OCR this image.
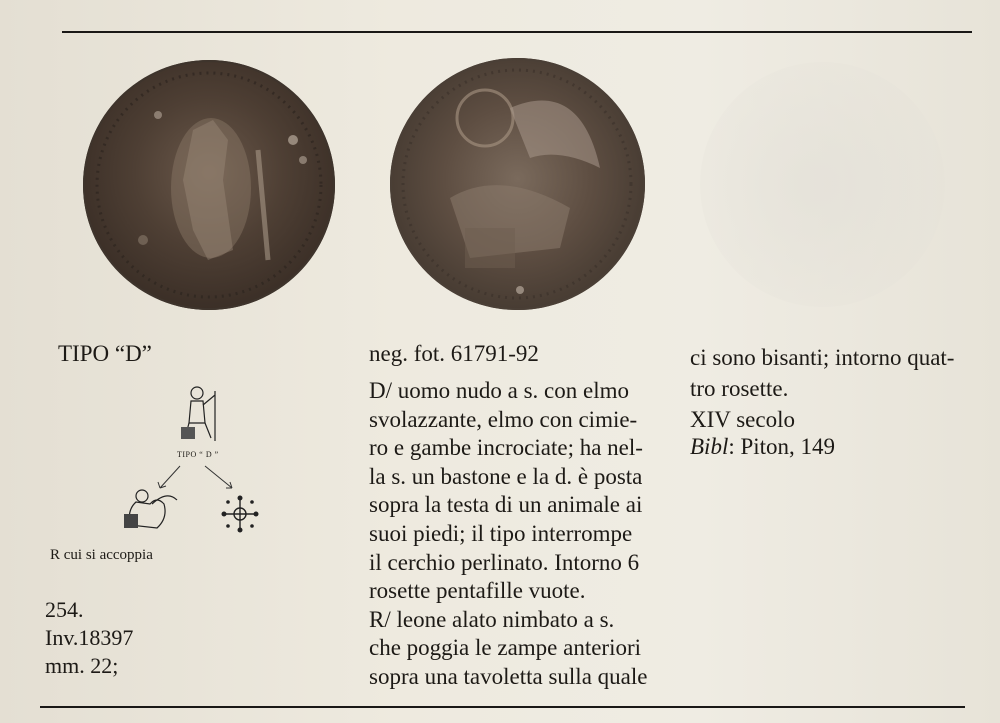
TIPO “D”
TIPO “ D ”
R cui si accoppia
254.
Inv.18397
mm. 22;
neg. fot. 61791-92
D/ uomo nudo a s. con elmo
svolazzante, elmo con cimie-
ro e gambe incrociate; ha nel-
la s. un bastone e la d. è posta
sopra la testa di un animale ai
suoi piedi; il tipo interrompe
il cerchio perlinato. Intorno 6
rosette pentafille vuote.
R/ leone alato nimbato a s.
che poggia le zampe anteriori
sopra una tavoletta sulla quale
ci sono bisanti; intorno quat-
tro rosette.
XIV secolo
Bibl: Piton, 149
